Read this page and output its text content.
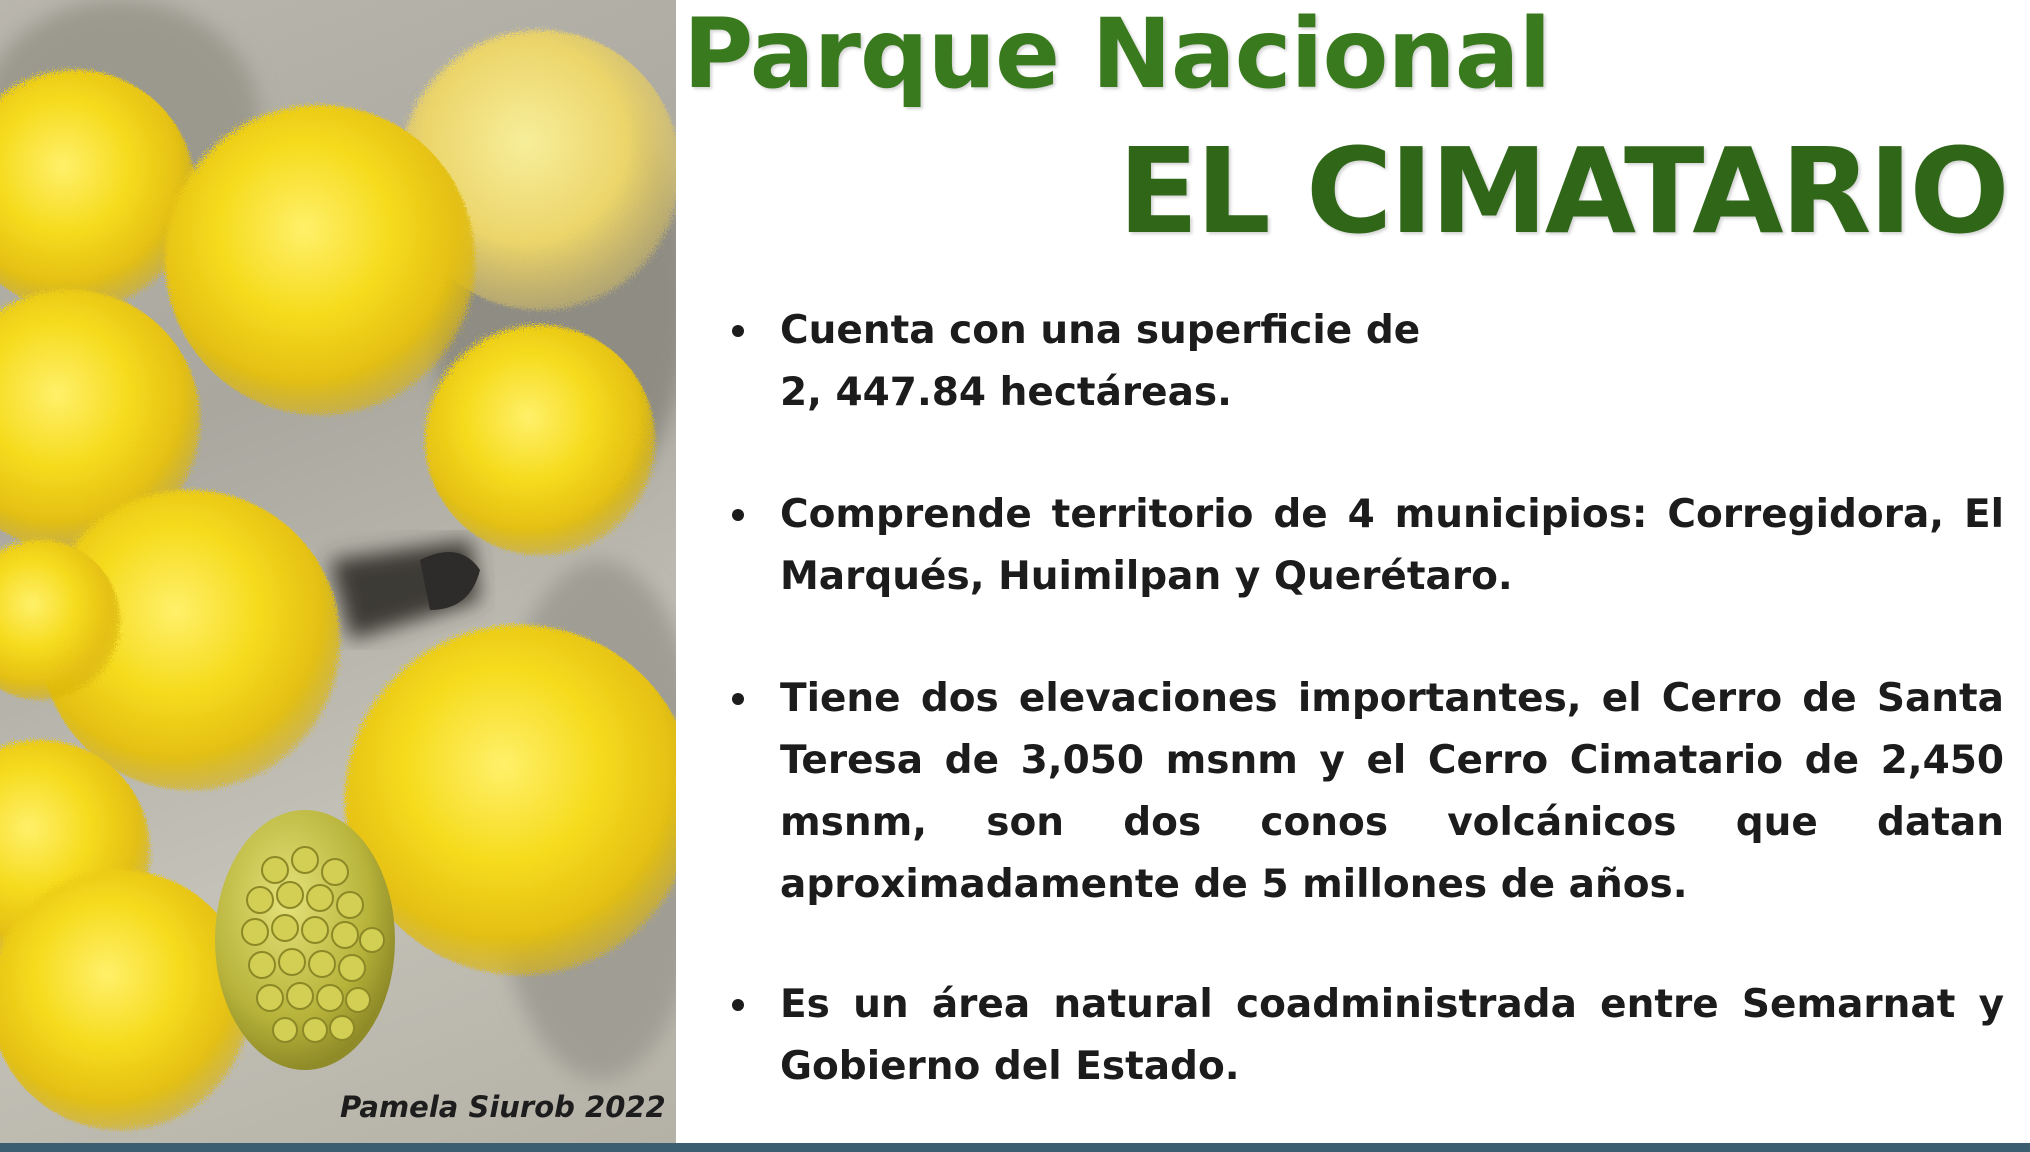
Pamela Siurob 2022
Parque Nacional
EL CIMATARIO
Cuenta con una superficie de
2, 447.84 hectáreas.
Comprende territorio de 4 municipios: Corregidora, El Marqués, Huimilpan y Querétaro.
Tiene dos elevaciones importantes, el Cerro de Santa Teresa de 3,050 msnm y el Cerro Cimatario de 2,450 msnm, son dos conos volcánicos que datan aproximadamente de 5 millones de años.
Es un área natural coadministrada entre Semarnat y Gobierno del Estado.
